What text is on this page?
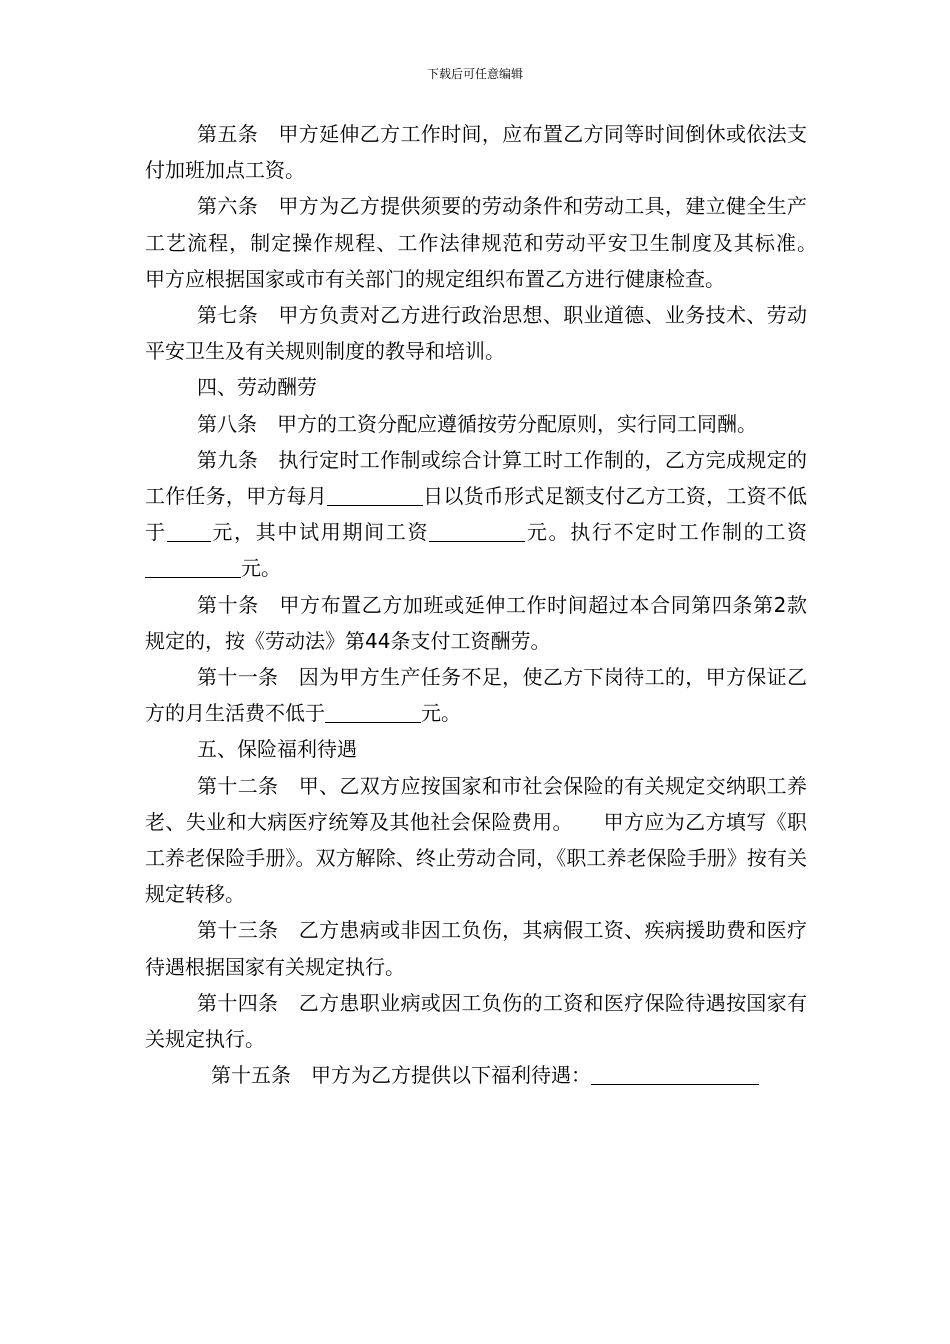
下载后可任意编辑

第五条　甲方延伸乙方工作时间，应布置乙方同等时间倒休或依法支付加班加点工资。

第六条　甲方为乙方提供须要的劳动条件和劳动工具，建立健全生产工艺流程，制定操作规程、工作法律规范和劳动平安卫生制度及其标准。　　甲方应根据国家或市有关部门的规定组织布置乙方进行健康检查。

第七条　甲方负责对乙方进行政治思想、职业道德、业务技术、劳动平安卫生及有关规则制度的教导和培训。

四、劳动酬劳

第八条　甲方的工资分配应遵循按劳分配原则，实行同工同酬。

第九条　执行定时工作制或综合计算工时工作制的，乙方完成规定的工作任务，甲方每月	日以货币形式足额支付乙方工资，工资不低于 元，其中试用期间工资	元。执行不定时工作制的工资元。

第十条　甲方布置乙方加班或延伸工作时间超过本合同第四条第2款规定的，按《劳动法》第44条支付工资酬劳。

第十一条　因为甲方生产任务不足，使乙方下岗待工的，甲方保证乙方的月生活费不低于	元。

五、保险福利待遇

第十二条　甲、乙双方应按国家和市社会保险的有关规定交纳职工养老、失业和大病医疗统筹及其他社会保险费用。　　甲方应为乙方填写《职工养老保险手册》。双方解除、终止劳动合同，《职工养老保险手册》按有关规定转移。

第十三条　乙方患病或非因工负伤，其病假工资、疾病援助费和医疗待遇根据国家有关规定执行。

第十四条　乙方患职业病或因工负伤的工资和医疗保险待遇按国家有关规定执行。

第十五条　甲方为乙方提供以下福利待遇：
